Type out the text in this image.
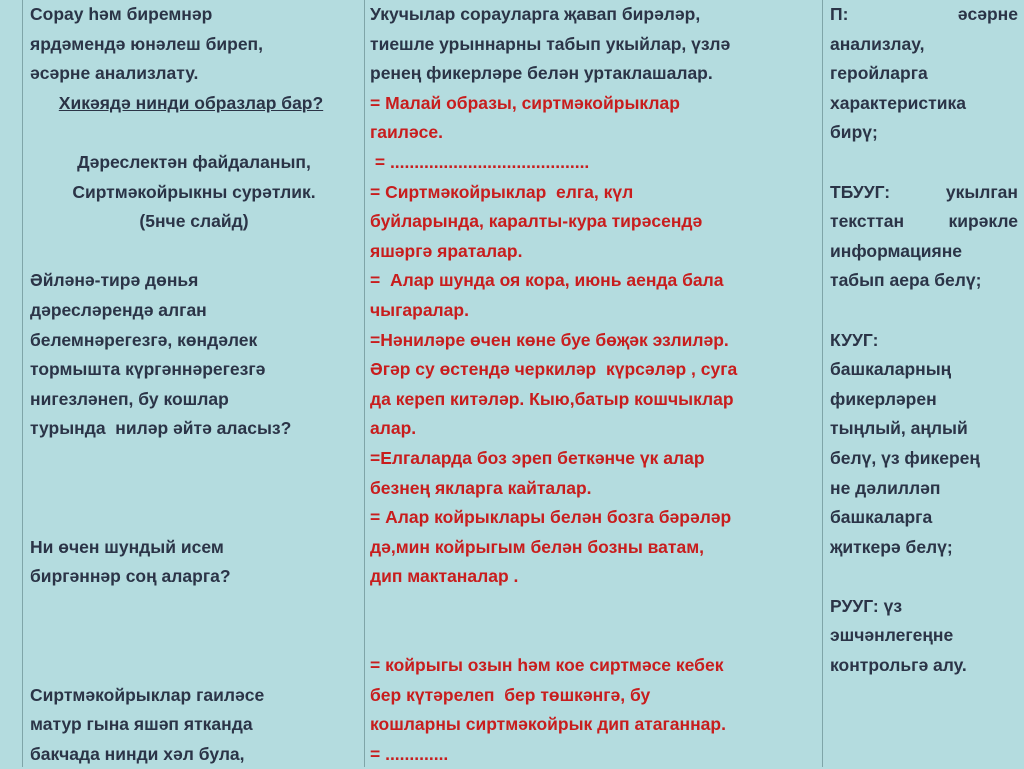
Сорау һәм биремнәр
ярдәмендә юнәлеш биреп,
әсәрне анализлату.
Хикәядә нинди образлар бар?

Дәреслектән файдаланып,
Сиртмәкойрыкны сурәтлик.
(5нче слайд)

Әйләнә-тирә дөнья
дәресләрендә алган
белемнәрегезгә, көндәлек
тормышта күргәннәрегезгә
нигезләнеп, бу кошлар
турында  ниләр әйтә аласыз?

Ни өчен шундый исем
биргәннәр соң аларга?

Сиртмәкойрыклар гаиләсе
матур гына яшәп ятканда
бакчада нинди хәл була,
Укучылар сорауларга җавап бирәләр,
тиешле урыннарны табып укыйлар, үзлә
ренең фикерләре белән уртаклашалар.
= Малай образы, сиртмәкойрыклар
гаиләсе.
= .........................................
= Сиртмәкойрыклар  елга, күл
буйларында, каралты-кура тирәсендә
яшәргә яраталар.
=  Алар шунда оя кора, июнь аенда бала
чыгаралар.
=Нәниләре өчен көне буе бөҗәк эзлиләр.
Әгәр су өстендә черкиләр  күрсәләр , суга
да кереп китәләр. Кыю,батыр кошчыклар
алар.
=Елгаларда боз эреп беткәнче үк алар
безнең якларга кайталар.
= Алар койрыклары белән бозга бәрәләр
дә,мин койрыгым белән бозны ватам,
дип мактаналар .

= койрыгы озын һәм кое сиртмәсе кебек
бер күтәрелеп  бер төшкәнгә, бу
кошларны сиртмәкойрык дип атаганнар.
= .............
П:	әсәрне
анализлау,
геройларга
характеристика
бирү;

ТБУУГ:	укылган
тексттан	кирәкле
информацияне
табып аера белү;

КУУГ:
башкаларның
фикерләрен
тыңлый, аңлый
белү, үз фикерең
не дәлилләп
башкаларга
җиткерә белү;

РУУГ: үз
эшчәнлегеңне
контрольгә алу.
